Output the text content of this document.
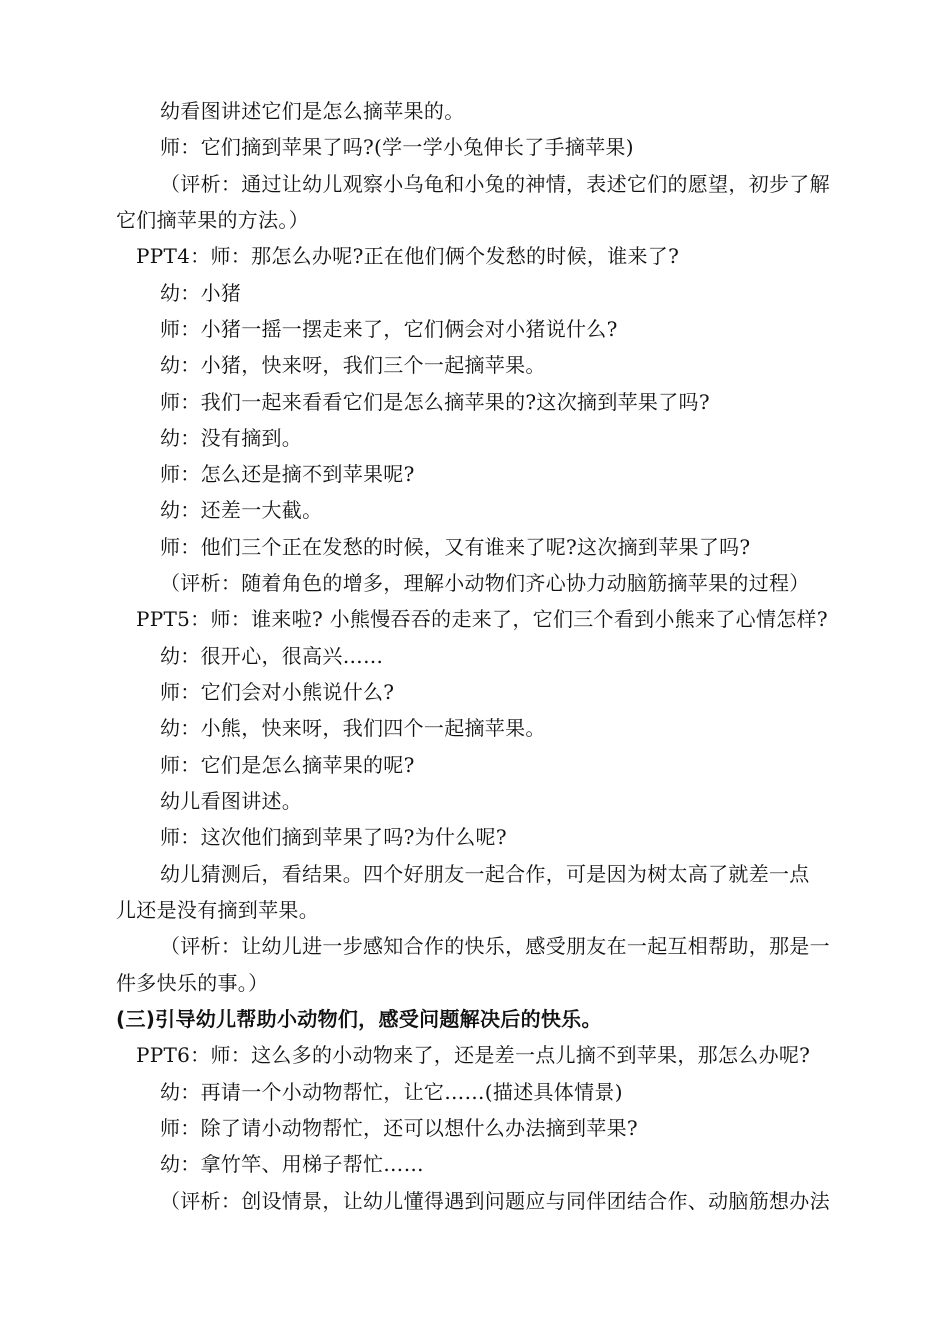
幼看图讲述它们是怎么摘苹果的。
师：它们摘到苹果了吗?(学一学小兔伸长了手摘苹果)
（评析：通过让幼儿观察小乌龟和小兔的神情，表述它们的愿望，初步了解
它们摘苹果的方法。）
PPT4：师：那怎么办呢?正在他们俩个发愁的时候，谁来了?
幼：小猪
师：小猪一摇一摆走来了，它们俩会对小猪说什么?
幼：小猪，快来呀，我们三个一起摘苹果。
师：我们一起来看看它们是怎么摘苹果的?这次摘到苹果了吗?
幼：没有摘到。
师：怎么还是摘不到苹果呢?
幼：还差一大截。
师：他们三个正在发愁的时候，又有谁来了呢?这次摘到苹果了吗?
（评析：随着角色的增多，理解小动物们齐心协力动脑筋摘苹果的过程）
PPT5：师：谁来啦? 小熊慢吞吞的走来了，它们三个看到小熊来了心情怎样?
幼：很开心，很高兴……
师：它们会对小熊说什么?
幼：小熊，快来呀，我们四个一起摘苹果。
师：它们是怎么摘苹果的呢?
幼儿看图讲述。
师：这次他们摘到苹果了吗?为什么呢?
幼儿猜测后，看结果。四个好朋友一起合作，可是因为树太高了就差一点
儿还是没有摘到苹果。
（评析：让幼儿进一步感知合作的快乐，感受朋友在一起互相帮助，那是一
件多快乐的事。）
(三)引导幼儿帮助小动物们，感受问题解决后的快乐。
PPT6：师：这么多的小动物来了，还是差一点儿摘不到苹果，那怎么办呢?
幼：再请一个小动物帮忙，让它……(描述具体情景)
师：除了请小动物帮忙，还可以想什么办法摘到苹果?
幼：拿竹竿、用梯子帮忙……
（评析：创设情景，让幼儿懂得遇到问题应与同伴团结合作、动脑筋想办法
